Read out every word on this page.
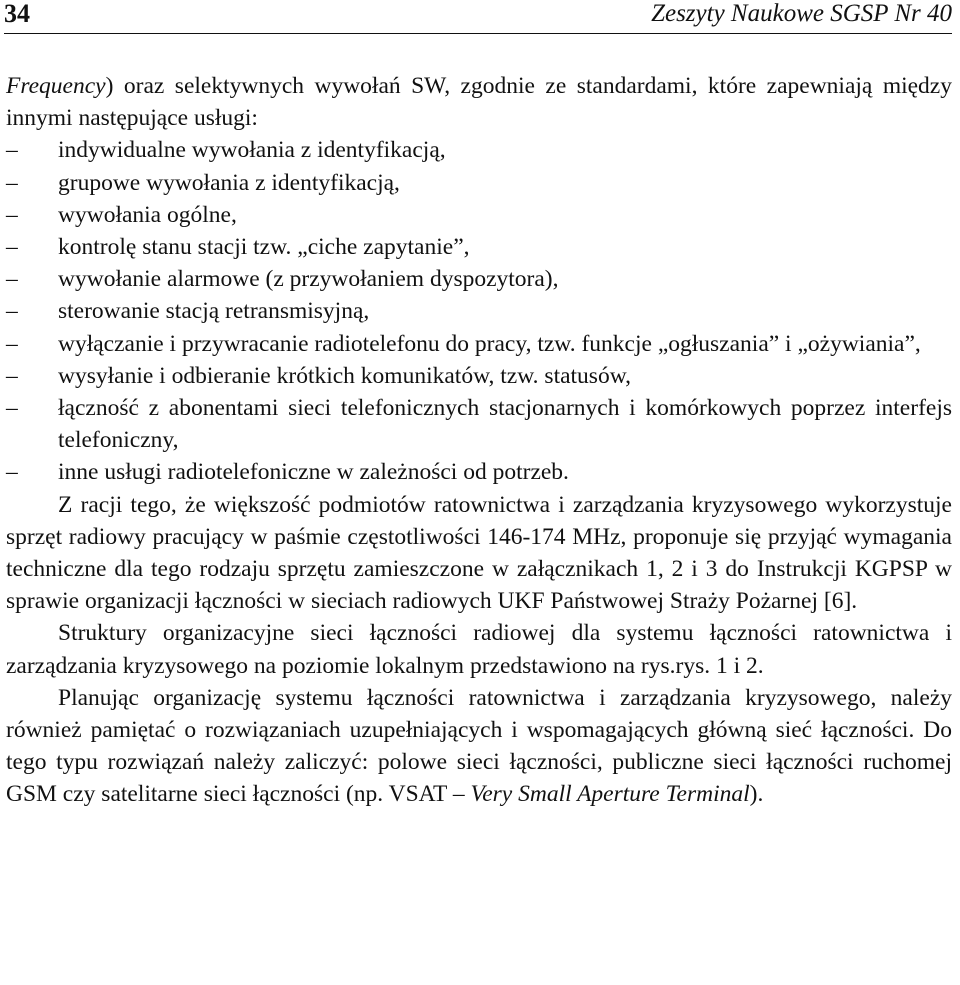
34	Zeszyty Naukowe SGSP Nr 40

Frequency) oraz selektywnych wywołań SW, zgodnie ze standardami, które zapewniają między innymi następujące usługi:

– indywidualne wywołania z identyfikacją,
– grupowe wywołania z identyfikacją,
– wywołania ogólne,
– kontrolę stanu stacji tzw. „ciche zapytanie”,
– wywołanie alarmowe (z przywołaniem dyspozytora),
– sterowanie stacją retransmisyjną,
– wyłączanie i przywracanie radiotelefonu do pracy, tzw. funkcje „ogłuszania” i „ożywiania”,
– wysyłanie i odbieranie krótkich komunikatów, tzw. statusów,
– łączność z abonentami sieci telefonicznych stacjonarnych i komórkowych poprzez interfejs telefoniczny,
– inne usługi radiotelefoniczne w zależności od potrzeb.

Z racji tego, że większość podmiotów ratownictwa i zarządzania kryzysowego wykorzystuje sprzęt radiowy pracujący w paśmie częstotliwości 146-174 MHz, proponuje się przyjąć wymagania techniczne dla tego rodzaju sprzętu zamieszczone w załącznikach 1, 2 i 3 do Instrukcji KGPSP w sprawie organizacji łączności w sieciach radiowych UKF Państwowej Straży Pożarnej [6].

Struktury organizacyjne sieci łączności radiowej dla systemu łączności ratownictwa i zarządzania kryzysowego na poziomie lokalnym przedstawiono na rys.rys. 1 i 2.

Planując organizację systemu łączności ratownictwa i zarządzania kryzysowego, należy również pamiętać o rozwiązaniach uzupełniających i wspomagających główną sieć łączności. Do tego typu rozwiązań należy zaliczyć: polowe sieci łączności, publiczne sieci łączności ruchomej GSM czy satelitarne sieci łączności (np. VSAT – Very Small Aperture Terminal).
